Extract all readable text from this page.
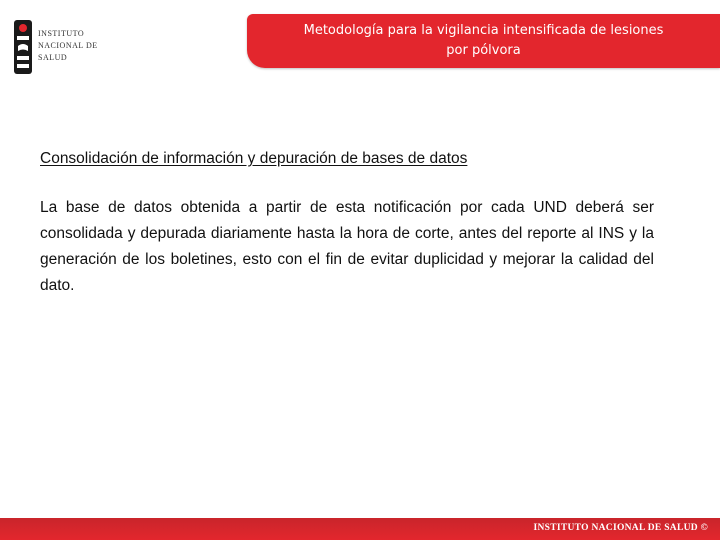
INSTITUTO
NACIONAL DE
SALUD
Metodología para la vigilancia intensificada de lesiones por pólvora

Consolidación de información y depuración de bases de datos

La base de datos obtenida a partir de esta notificación por cada UND deberá ser consolidada y depurada diariamente hasta la hora de corte, antes del reporte al INS y la generación de los boletines, esto con el fin de evitar duplicidad y mejorar la calidad del dato.

INSTITUTO NACIONAL DE SALUD ©
